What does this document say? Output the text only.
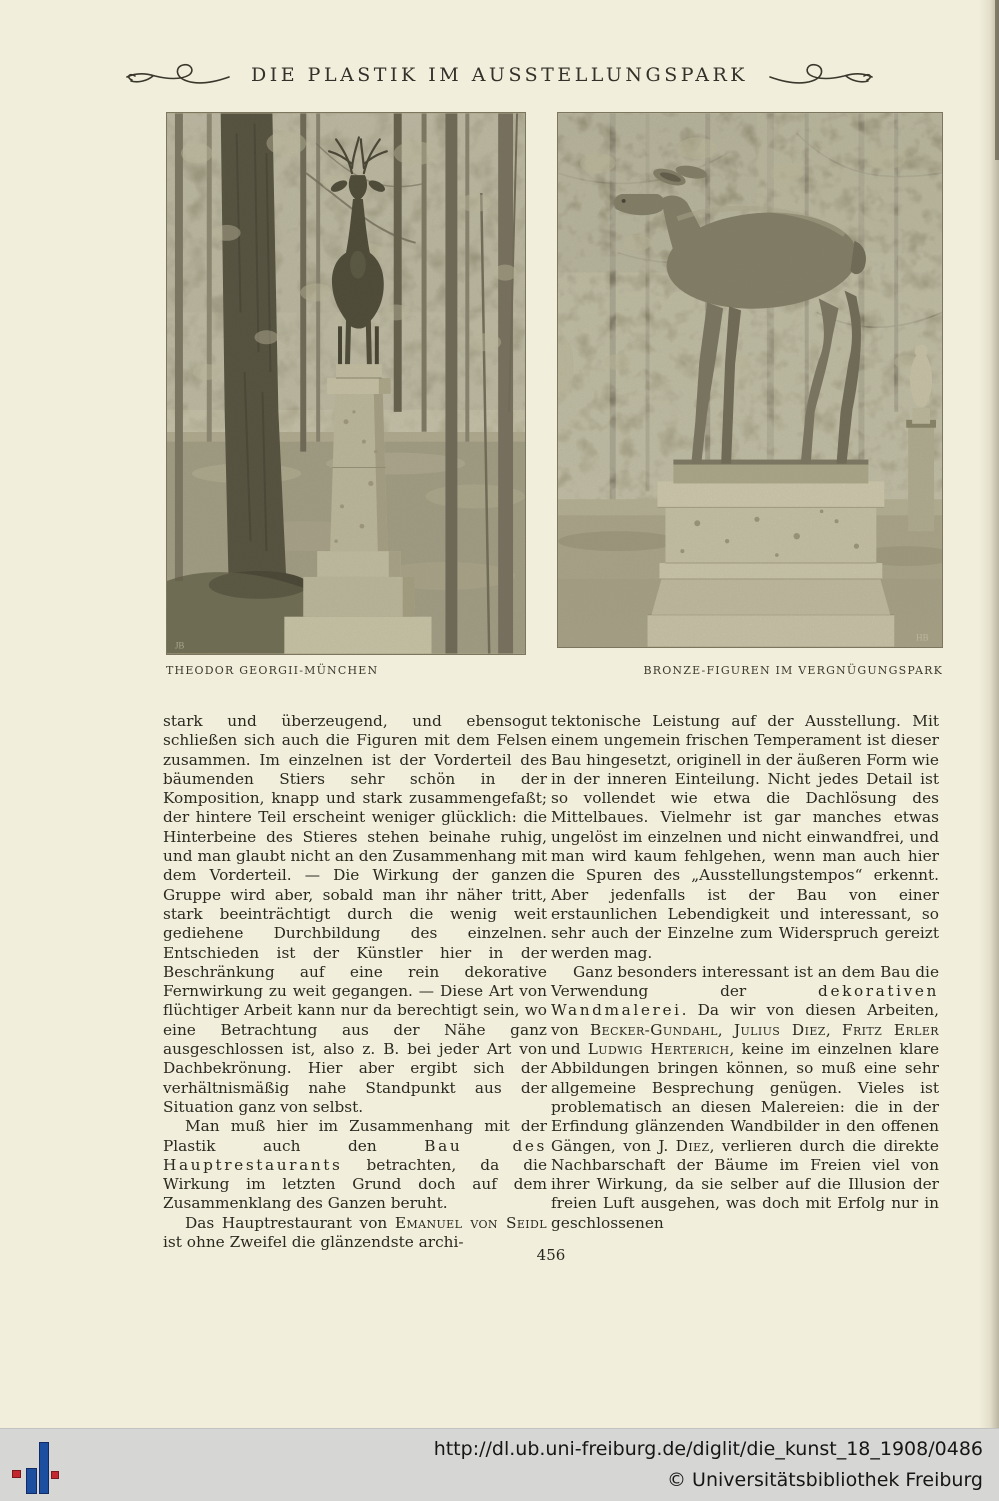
DIE PLASTIK IM AUSSTELLUNGSPARK
JB
HB
THEODOR GEORGII-MÜNCHEN	BRONZE-FIGUREN IM VERGNÜGUNGSPARK

stark und überzeugend, und ebensogut schließen sich auch die Figuren mit dem Felsen zusammen. Im einzelnen ist der Vorderteil des bäumenden Stiers sehr schön in der Komposition, knapp und stark zusammengefaßt; der hintere Teil erscheint weniger glücklich: die Hinterbeine des Stieres stehen beinahe ruhig, und man glaubt nicht an den Zusammenhang mit dem Vorderteil. — Die Wirkung der ganzen Gruppe wird aber, sobald man ihr näher tritt, stark beeinträchtigt durch die wenig weit gediehene Durchbildung des einzelnen. Entschieden ist der Künstler hier in der Beschränkung auf eine rein dekorative Fernwirkung zu weit gegangen. — Diese Art von flüchtiger Arbeit kann nur da berechtigt sein, wo eine Betrachtung aus der Nähe ganz ausgeschlossen ist, also z. B. bei jeder Art von Dachbekrönung. Hier aber ergibt sich der verhältnismäßig nahe Standpunkt aus der Situation ganz von selbst.

Man muß hier im Zusammenhang mit der Plastik auch den Bau des Hauptrestaurants betrachten, da die Wirkung im letzten Grund doch auf dem Zusammenklang des Ganzen beruht.

Das Hauptrestaurant von Emanuel von Seidl ist ohne Zweifel die glänzendste archi-

tektonische Leistung auf der Ausstellung. Mit einem ungemein frischen Temperament ist dieser Bau hingesetzt, originell in der äußeren Form wie in der inneren Einteilung. Nicht jedes Detail ist so vollendet wie etwa die Dachlösung des Mittelbaues. Vielmehr ist gar manches etwas ungelöst im einzelnen und nicht einwandfrei, und man wird kaum fehlgehen, wenn man auch hier die Spuren des „Ausstellungstempos“ erkennt. Aber jedenfalls ist der Bau von einer erstaunlichen Lebendigkeit und interessant, so sehr auch der Einzelne zum Widerspruch gereizt werden mag.

Ganz besonders interessant ist an dem Bau die Verwendung der dekorativen Wandmalerei. Da wir von diesen Arbeiten, von Becker-Gundahl, Julius Diez, Fritz Erler und Ludwig Herterich, keine im einzelnen klare Abbildungen bringen können, so muß eine sehr allgemeine Besprechung genügen. Vieles ist problematisch an diesen Malereien: die in der Erfindung glänzenden Wandbilder in den offenen Gängen, von J. Diez, verlieren durch die direkte Nachbarschaft der Bäume im Freien viel von ihrer Wirkung, da sie selber auf die Illusion der freien Luft ausgehen, was doch mit Erfolg nur in geschlossenen

456
http://dl.ub.uni-freiburg.de/diglit/die_kunst_18_1908/0486
© Universitätsbibliothek Freiburg
